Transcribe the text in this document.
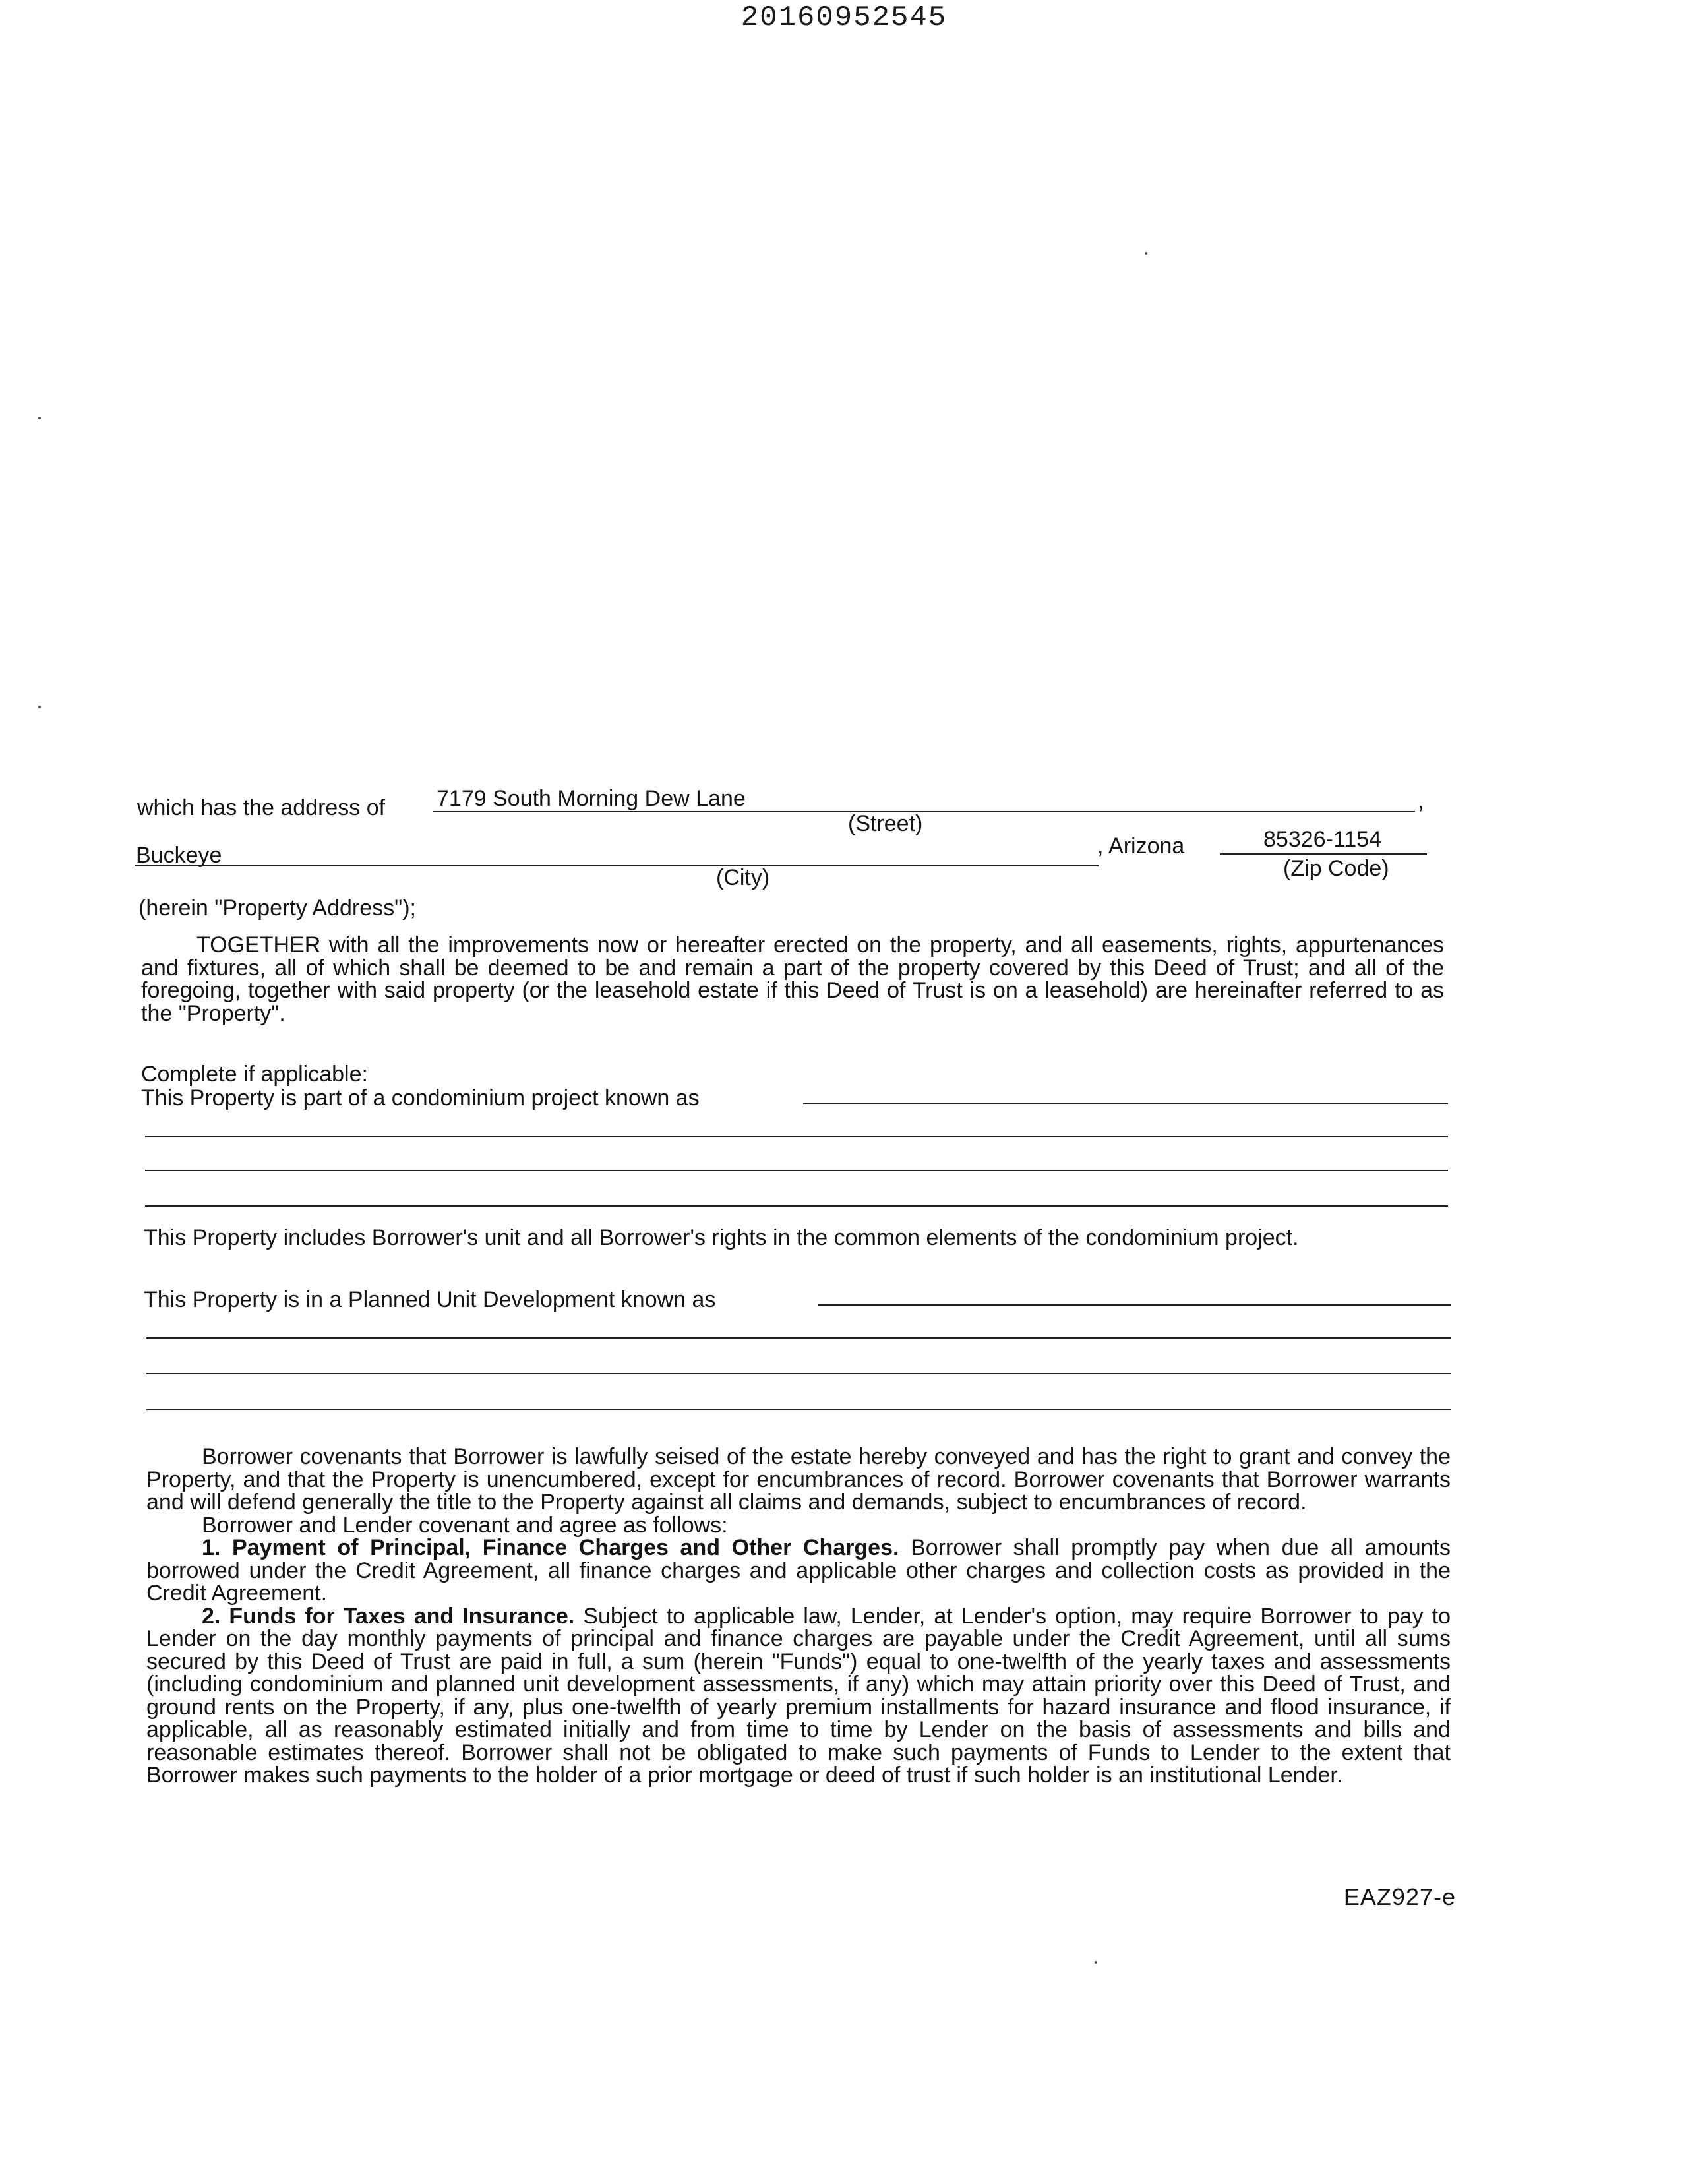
20160952545
which has the address of 7179 South Morning Dew Lane	,
(Street)
Buckeye	, Arizona	85326-1154
(City)	(Zip Code)
(herein "Property Address");

TOGETHER with all the improvements now or hereafter erected on the property, and all easements, rights, appurtenances and fixtures, all of which shall be deemed to be and remain a part of the property covered by this Deed of Trust; and all of the foregoing, together with said property (or the leasehold estate if this Deed of Trust is on a leasehold) are hereinafter referred to as the "Property".

Complete if applicable:
This Property is part of a condominium project known as

This Property includes Borrower's unit and all Borrower's rights in the common elements of the condominium project.

This Property is in a Planned Unit Development known as

Borrower covenants that Borrower is lawfully seised of the estate hereby conveyed and has the right to grant and convey the Property, and that the Property is unencumbered, except for encumbrances of record. Borrower covenants that Borrower warrants and will defend generally the title to the Property against all claims and demands, subject to encumbrances of record.

Borrower and Lender covenant and agree as follows:

1. Payment of Principal, Finance Charges and Other Charges. Borrower shall promptly pay when due all amounts borrowed under the Credit Agreement, all finance charges and applicable other charges and collection costs as provided in the Credit Agreement.

2. Funds for Taxes and Insurance. Subject to applicable law, Lender, at Lender's option, may require Borrower to pay to Lender on the day monthly payments of principal and finance charges are payable under the Credit Agreement, until all sums secured by this Deed of Trust are paid in full, a sum (herein "Funds") equal to one-twelfth of the yearly taxes and assessments (including condominium and planned unit development assessments, if any) which may attain priority over this Deed of Trust, and ground rents on the Property, if any, plus one-twelfth of yearly premium installments for hazard insurance and flood insurance, if applicable, all as reasonably estimated initially and from time to time by Lender on the basis of assessments and bills and reasonable estimates thereof. Borrower shall not be obligated to make such payments of Funds to Lender to the extent that Borrower makes such payments to the holder of a prior mortgage or deed of trust if such holder is an institutional Lender.

EAZ927-e
